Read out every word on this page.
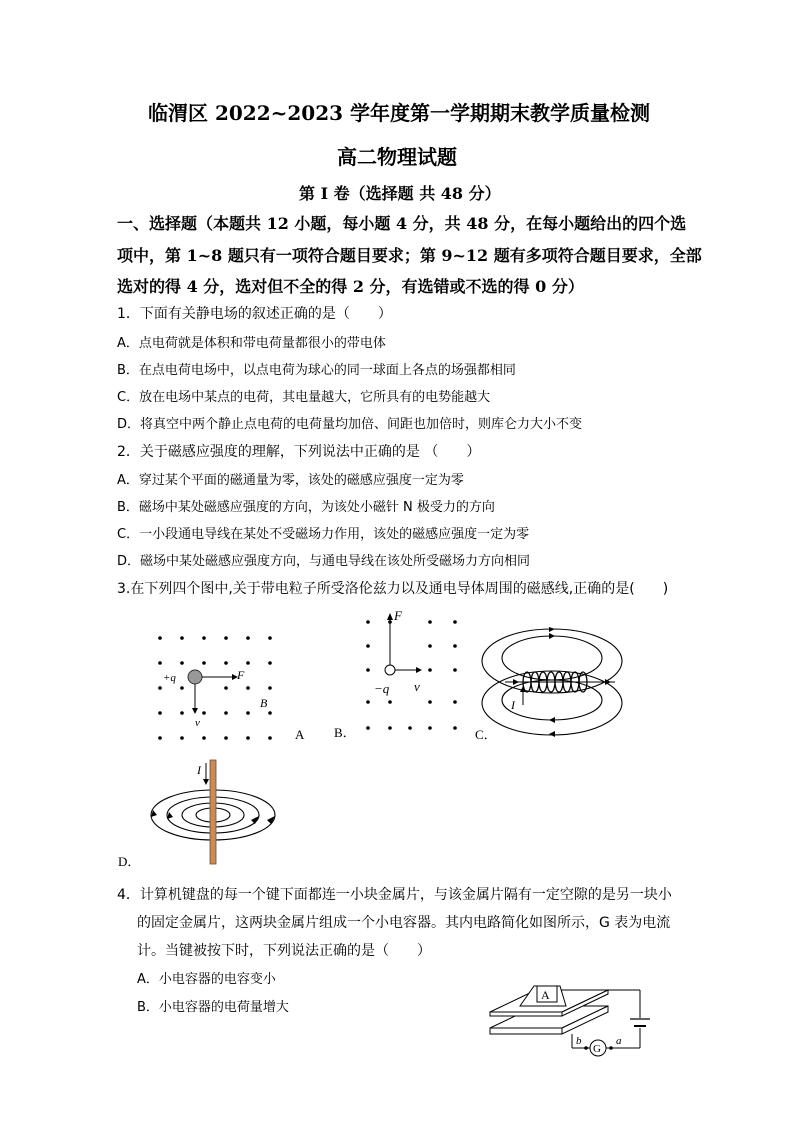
临渭区 2022~2023 学年度第一学期期末教学质量检测
高二物理试题
第 I 卷（选择题 共 48 分）
一、选择题（本题共 12 小题，每小题 4 分，共 48 分，在每小题给出的四个选
项中，第 1~8 题只有一项符合题目要求；第 9~12 题有多项符合题目要求，全部
选对的得 4 分，选对但不全的得 2 分，有选错或不选的得 0 分）
1．下面有关静电场的叙述正确的是（　　）
A．点电荷就是体积和带电荷量都很小的带电体
B．在点电荷电场中，以点电荷为球心的同一球面上各点的场强都相同
C．放在电场中某点的电荷，其电量越大，它所具有的电势能越大
D．将真空中两个静止点电荷的电荷量均加倍、间距也加倍时，则库仑力大小不变
2．关于磁感应强度的理解，下列说法中正确的是 （　　）
A．穿过某个平面的磁通量为零，该处的磁感应强度一定为零
B．磁场中某处磁感应强度的方向，为该处小磁针 N 极受力的方向
C．一小段通电导线在某处不受磁场力作用，该处的磁感应强度一定为零
D．磁场中某处磁感应强度方向，与通电导线在该处所受磁场力方向相同
3.在下列四个图中,关于带电粒子所受洛伦兹力以及通电导体周围的磁感线,正确的是(　　)
+q	F
v
B
A B．
F
−q v
C．
I
D．
I
4．计算机键盘的每一个键下面都连一小块金属片，与该金属片隔有一定空隙的是另一块小
的固定金属片，这两块金属片组成一个小电容器。其内电路简化如图所示，G 表为电流
计。当键被按下时，下列说法正确的是（　　）
A．小电容器的电容变小
B．小电容器的电荷量增大
A
G
b	a
